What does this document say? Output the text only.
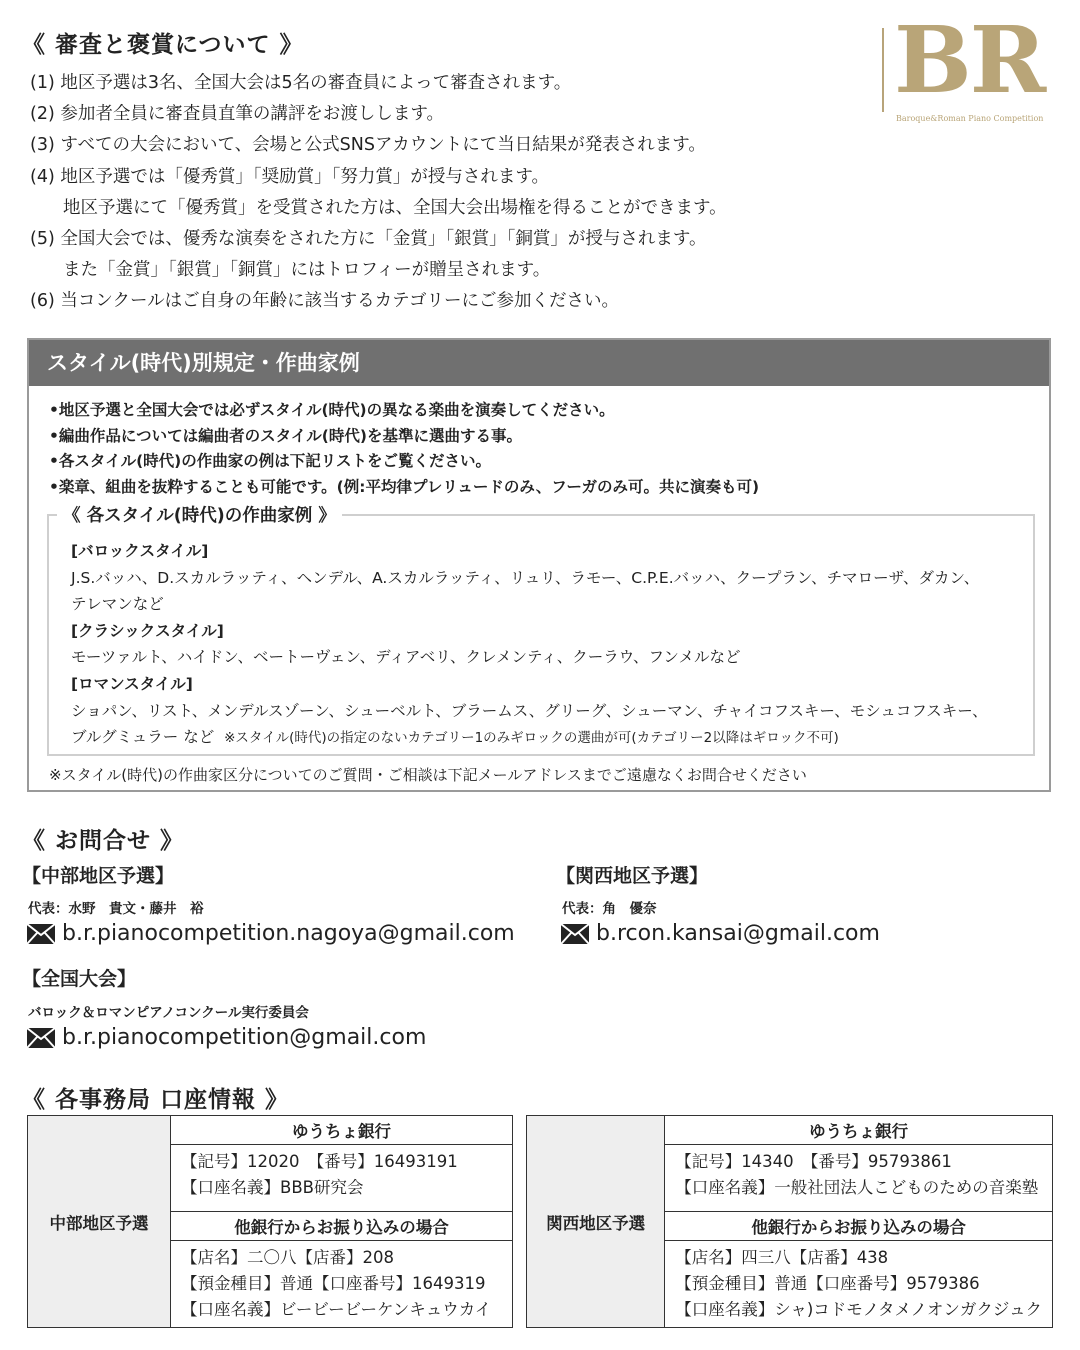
《 審査と褒賞について 》
(1) 地区予選は3名、全国大会は5名の審査員によって審査されます。
(2) 参加者全員に審査員直筆の講評をお渡しします。
(3) すべての大会において、会場と公式SNSアカウントにて当日結果が発表されます。
(4) 地区予選では「優秀賞」「奨励賞」「努力賞」が授与されます。
地区予選にて「優秀賞」を受賞された方は、全国大会出場権を得ることができます。
(5) 全国大会では、優秀な演奏をされた方に「金賞」「銀賞」「銅賞」が授与されます。
また「金賞」「銀賞」「銅賞」にはトロフィーが贈呈されます。
(6) 当コンクールはご自身の年齢に該当するカテゴリーにご参加ください。
BR
Baroque&Roman Piano Competition
スタイル(時代)別規定・作曲家例
•地区予選と全国大会では必ずスタイル(時代)の異なる楽曲を演奏してください。
•編曲作品については編曲者のスタイル(時代)を基準に選曲する事。
•各スタイル(時代)の作曲家の例は下記リストをご覧ください。
•楽章、組曲を抜粋することも可能です。(例:平均律プレリュードのみ、フーガのみ可。共に演奏も可)
《 各スタイル(時代)の作曲家例 》
[バロックスタイル]
J.S.バッハ、D.スカルラッティ、ヘンデル、A.スカルラッティ、リュリ、ラモー、C.P.E.バッハ、クープラン、チマローザ、ダカン、
テレマンなど
[クラシックスタイル]
モーツァルト、ハイドン、ベートーヴェン、ディアベリ、クレメンティ、クーラウ、フンメルなど
[ロマンスタイル]
ショパン、リスト、メンデルスゾーン、シューベルト、ブラームス、グリーグ、シューマン、チャイコフスキー、モシュコフスキー、
ブルグミュラー など ※スタイル(時代)の指定のないカテゴリー1のみギロックの選曲が可(カテゴリー2以降はギロック不可)
※スタイル(時代)の作曲家区分についてのご質問・ご相談は下記メールアドレスまでご遠慮なくお問合せください
《 お問合せ 》
【中部地区予選】
代表：水野　貴文・藤井　裕
b.r.pianocompetition.nagoya@gmail.com
【関西地区予選】
代表：角　優奈
b.rcon.kansai@gmail.com
【全国大会】
バロック＆ロマンピアノコンクール実行委員会
b.r.pianocompetition@gmail.com
《 各事務局 口座情報 》
中部地区予選	ゆうちょ銀行

【記号】12020　【番号】16493191
【口座名義】BBB研究会

他銀行からお振り込みの場合

【店名】二〇八【店番】208
【預金種目】普通【口座番号】1649319
【口座名義】ビービービーケンキュウカイ
関西地区予選	ゆうちょ銀行

【記号】14340　【番号】95793861
【口座名義】一般社団法人こどものための音楽塾

他銀行からお振り込みの場合

【店名】四三八【店番】438
【預金種目】普通【口座番号】9579386
【口座名義】シャ)コドモノタメノオンガクジュク
